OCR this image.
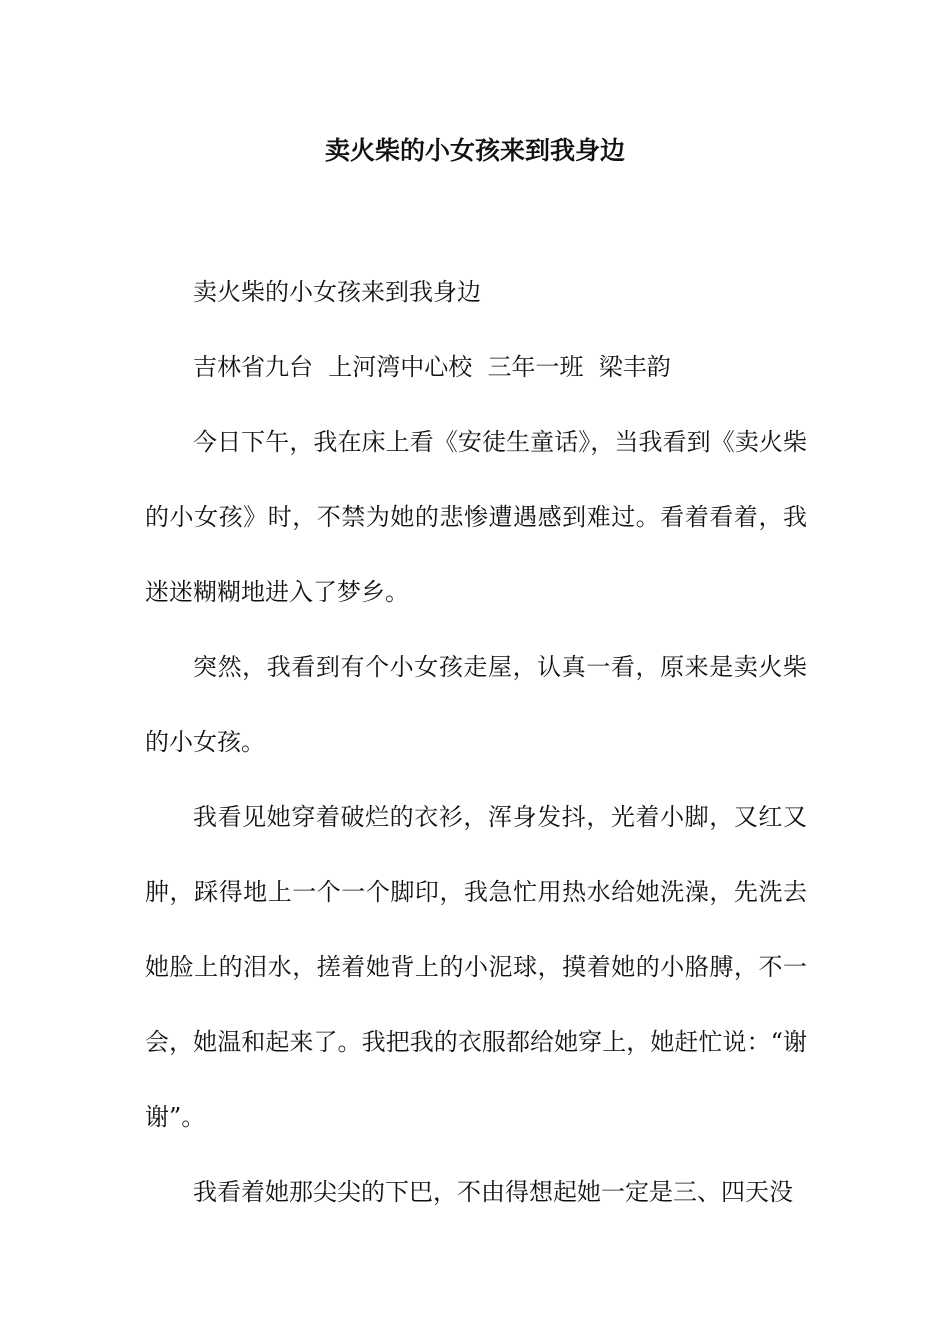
卖火柴的小女孩来到我身边

卖火柴的小女孩来到我身边

吉林省九台  上河湾中心校  三年一班  梁丰韵

今日下午，我在床上看《安徒生童话》，当我看到《卖火柴的小女孩》时，不禁为她的悲惨遭遇感到难过。看着看着，我迷迷糊糊地进入了梦乡。

突然，我看到有个小女孩走屋，认真一看，原来是卖火柴的小女孩。

我看见她穿着破烂的衣衫，浑身发抖，光着小脚，又红又肿，踩得地上一个一个脚印，我急忙用热水给她洗澡，先洗去她脸上的泪水，搓着她背上的小泥球，摸着她的小胳膊，不一会，她温和起来了。我把我的衣服都给她穿上，她赶忙说：“谢谢”。

我看着她那尖尖的下巴，不由得想起她一定是三、四天没
